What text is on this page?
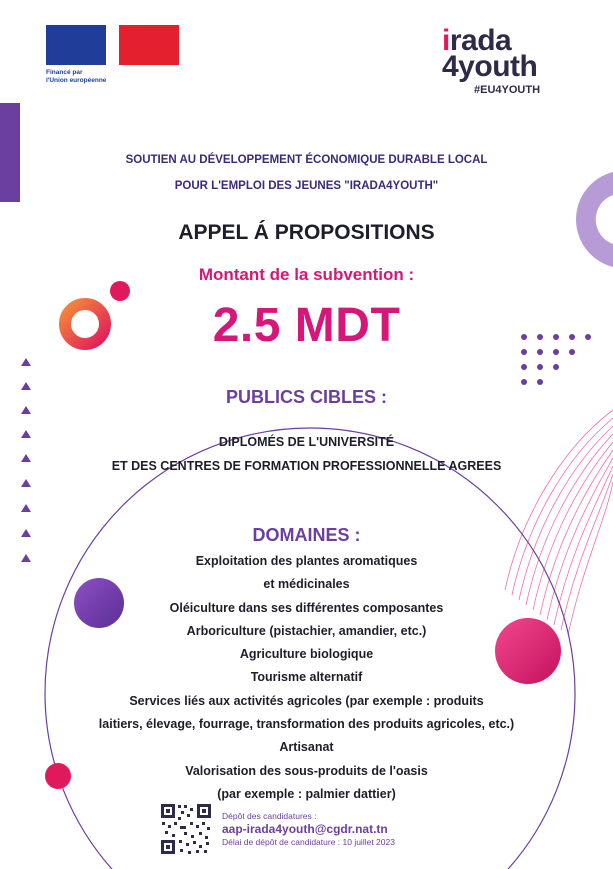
Financé par
l'Union européenne
irada
4youth
#EU4YOUTH
SOUTIEN AU DÉVELOPPEMENT ÉCONOMIQUE DURABLE LOCAL
POUR L'EMPLOI DES JEUNES "IRADA4YOUTH"
APPEL Á PROPOSITIONS
Montant de la subvention :
2.5 MDT
PUBLICS CIBLES :
DIPLOMÉS DE L'UNIVERSITÉ
ET DES CENTRES DE FORMATION PROFESSIONNELLE AGREES
DOMAINES :
Exploitation des plantes aromatiques
et médicinales
Oléiculture dans ses différentes composantes
Arboriculture (pistachier, amandier, etc.)
Agriculture biologique
Tourisme alternatif
Services liés aux activités agricoles (par exemple : produits
laitiers, élevage, fourrage, transformation des produits agricoles, etc.)
Artisanat
Valorisation des sous-produits de l'oasis
(par exemple : palmier dattier)
Dépôt des candidatures :
aap-irada4youth@cgdr.nat.tn
Délai de dépôt de candidature : 10 juillet 2023
